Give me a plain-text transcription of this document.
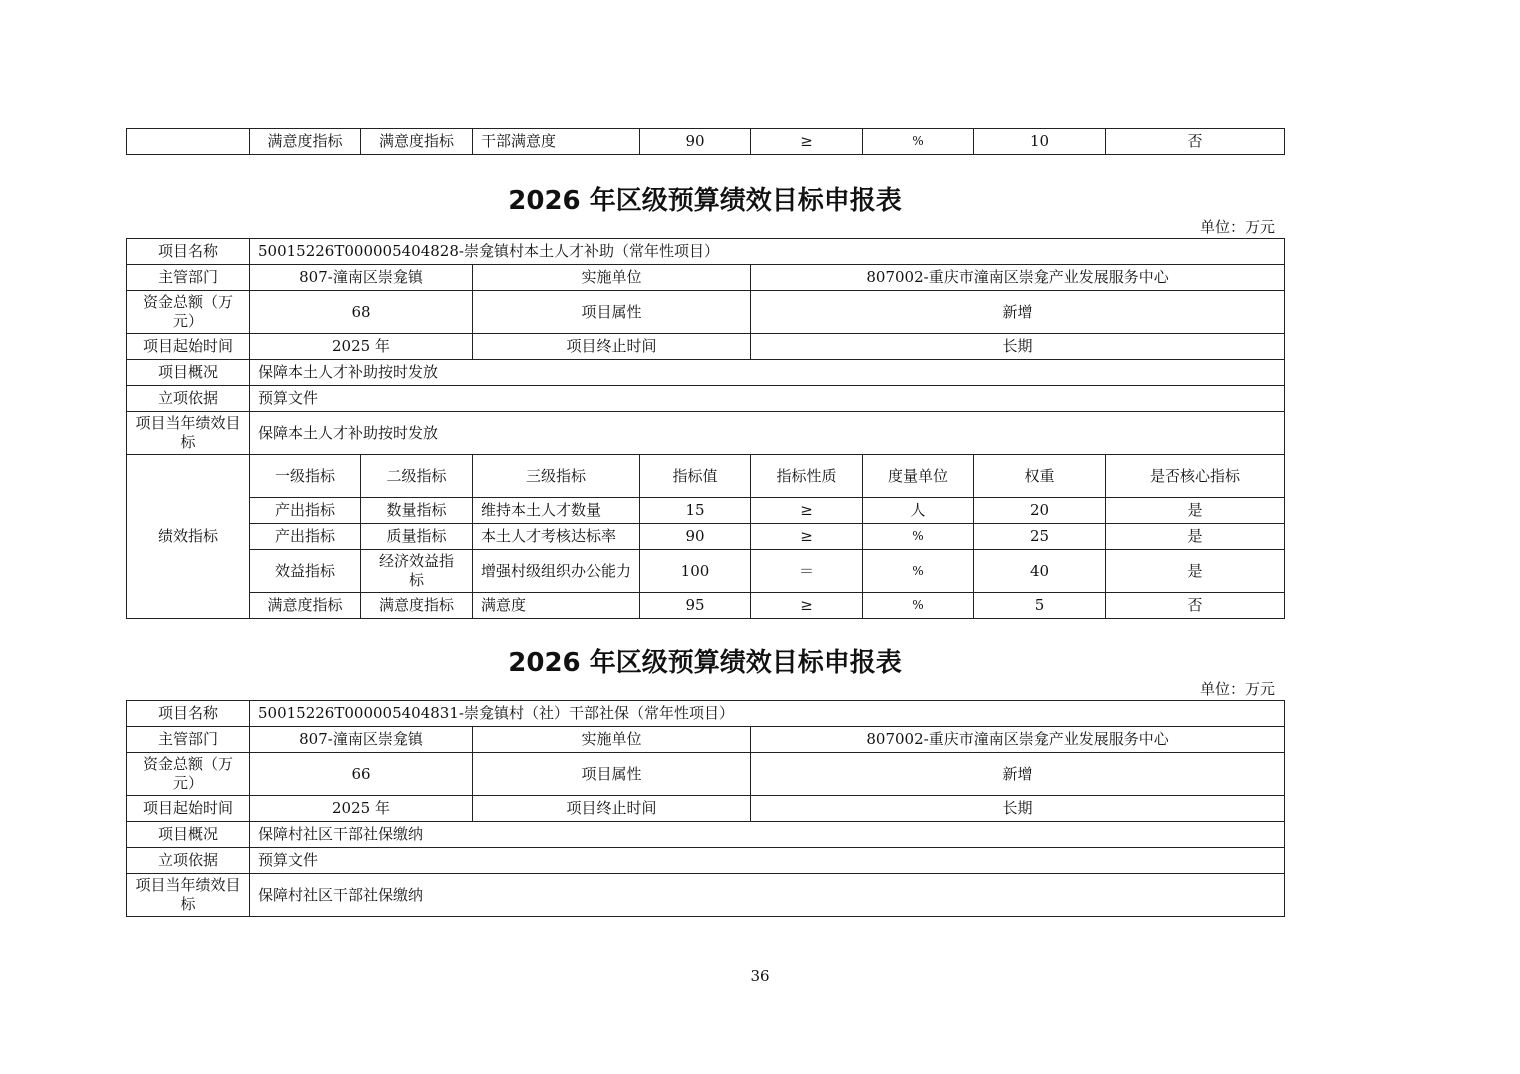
	满意度指标	满意度指标	干部满意度	90	≥	%	10	否
2026 年区级预算绩效目标申报表
单位：万元
项目名称	50015226T000005404828-崇龛镇村本土人才补助（常年性项目）							
主管部门	807-潼南区崇龛镇		实施单位		807002-重庆市潼南区崇龛产业发展服务中心			
资金总额（万元）	68		项目属性		新增			
项目起始时间	2025 年		项目终止时间		长期			
项目概况	保障本土人才补助按时发放							
立项依据	预算文件							
项目当年绩效目标	保障本土人才补助按时发放							
绩效指标	一级指标	二级指标	三级指标	指标值	指标性质	度量单位	权重	是否核心指标
	产出指标	数量指标	维持本土人才数量	15	≥	人	20	是
	产出指标	质量指标	本土人才考核达标率	90	≥	%	25	是
	效益指标	经济效益指标	增强村级组织办公能力	100	＝	%	40	是
	满意度指标	满意度指标	满意度	95	≥	%	5	否
2026 年区级预算绩效目标申报表
单位：万元
项目名称	50015226T000005404831-崇龛镇村（社）干部社保（常年性项目）		
主管部门	807-潼南区崇龛镇	实施单位	807002-重庆市潼南区崇龛产业发展服务中心
资金总额（万元）	66	项目属性	新增
项目起始时间	2025 年	项目终止时间	长期
项目概况	保障村社区干部社保缴纳		
立项依据	预算文件		
项目当年绩效目标	保障村社区干部社保缴纳		
36
